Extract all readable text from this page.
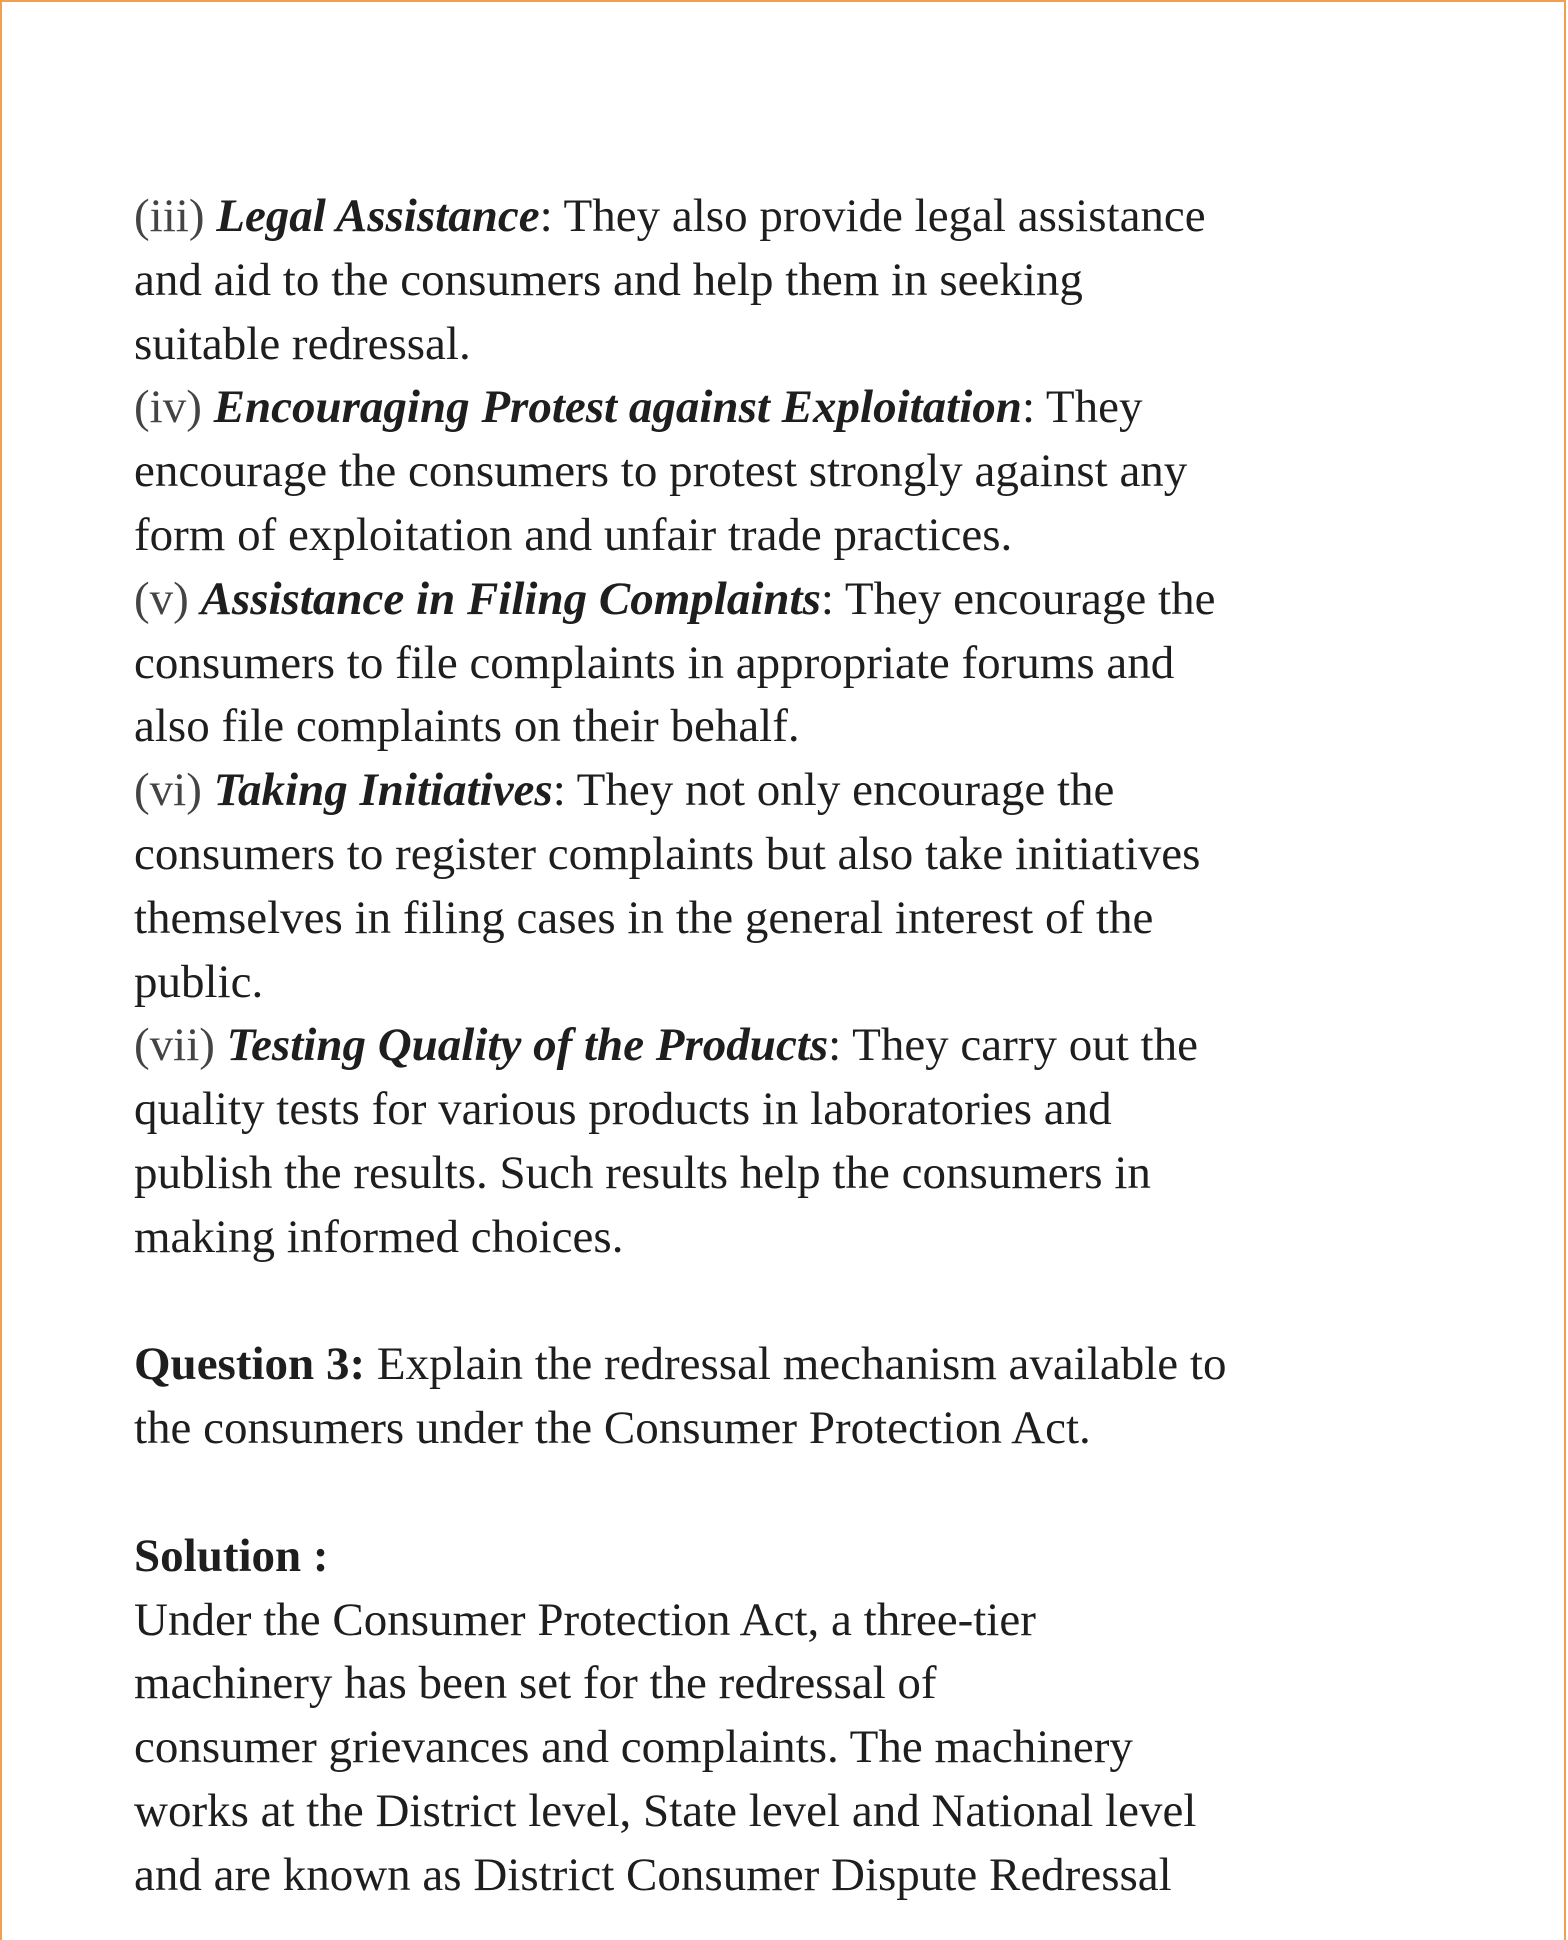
(iii) Legal Assistance: They also provide legal assistance
and aid to the consumers and help them in seeking
suitable redressal.
(iv) Encouraging Protest against Exploitation: They
encourage the consumers to protest strongly against any
form of exploitation and unfair trade practices.
(v) Assistance in Filing Complaints: They encourage the
consumers to file complaints in appropriate forums and
also file complaints on their behalf.
(vi) Taking Initiatives: They not only encourage the
consumers to register complaints but also take initiatives
themselves in filing cases in the general interest of the
public.
(vii) Testing Quality of the Products: They carry out the
quality tests for various products in laboratories and
publish the results. Such results help the consumers in
making informed choices.
Question 3: Explain the redressal mechanism available to
the consumers under the Consumer Protection Act.
Solution :
Under the Consumer Protection Act, a three-tier
machinery has been set for the redressal of
consumer grievances and complaints. The machinery
works at the District level, State level and National level
and are known as District Consumer Dispute Redressal
